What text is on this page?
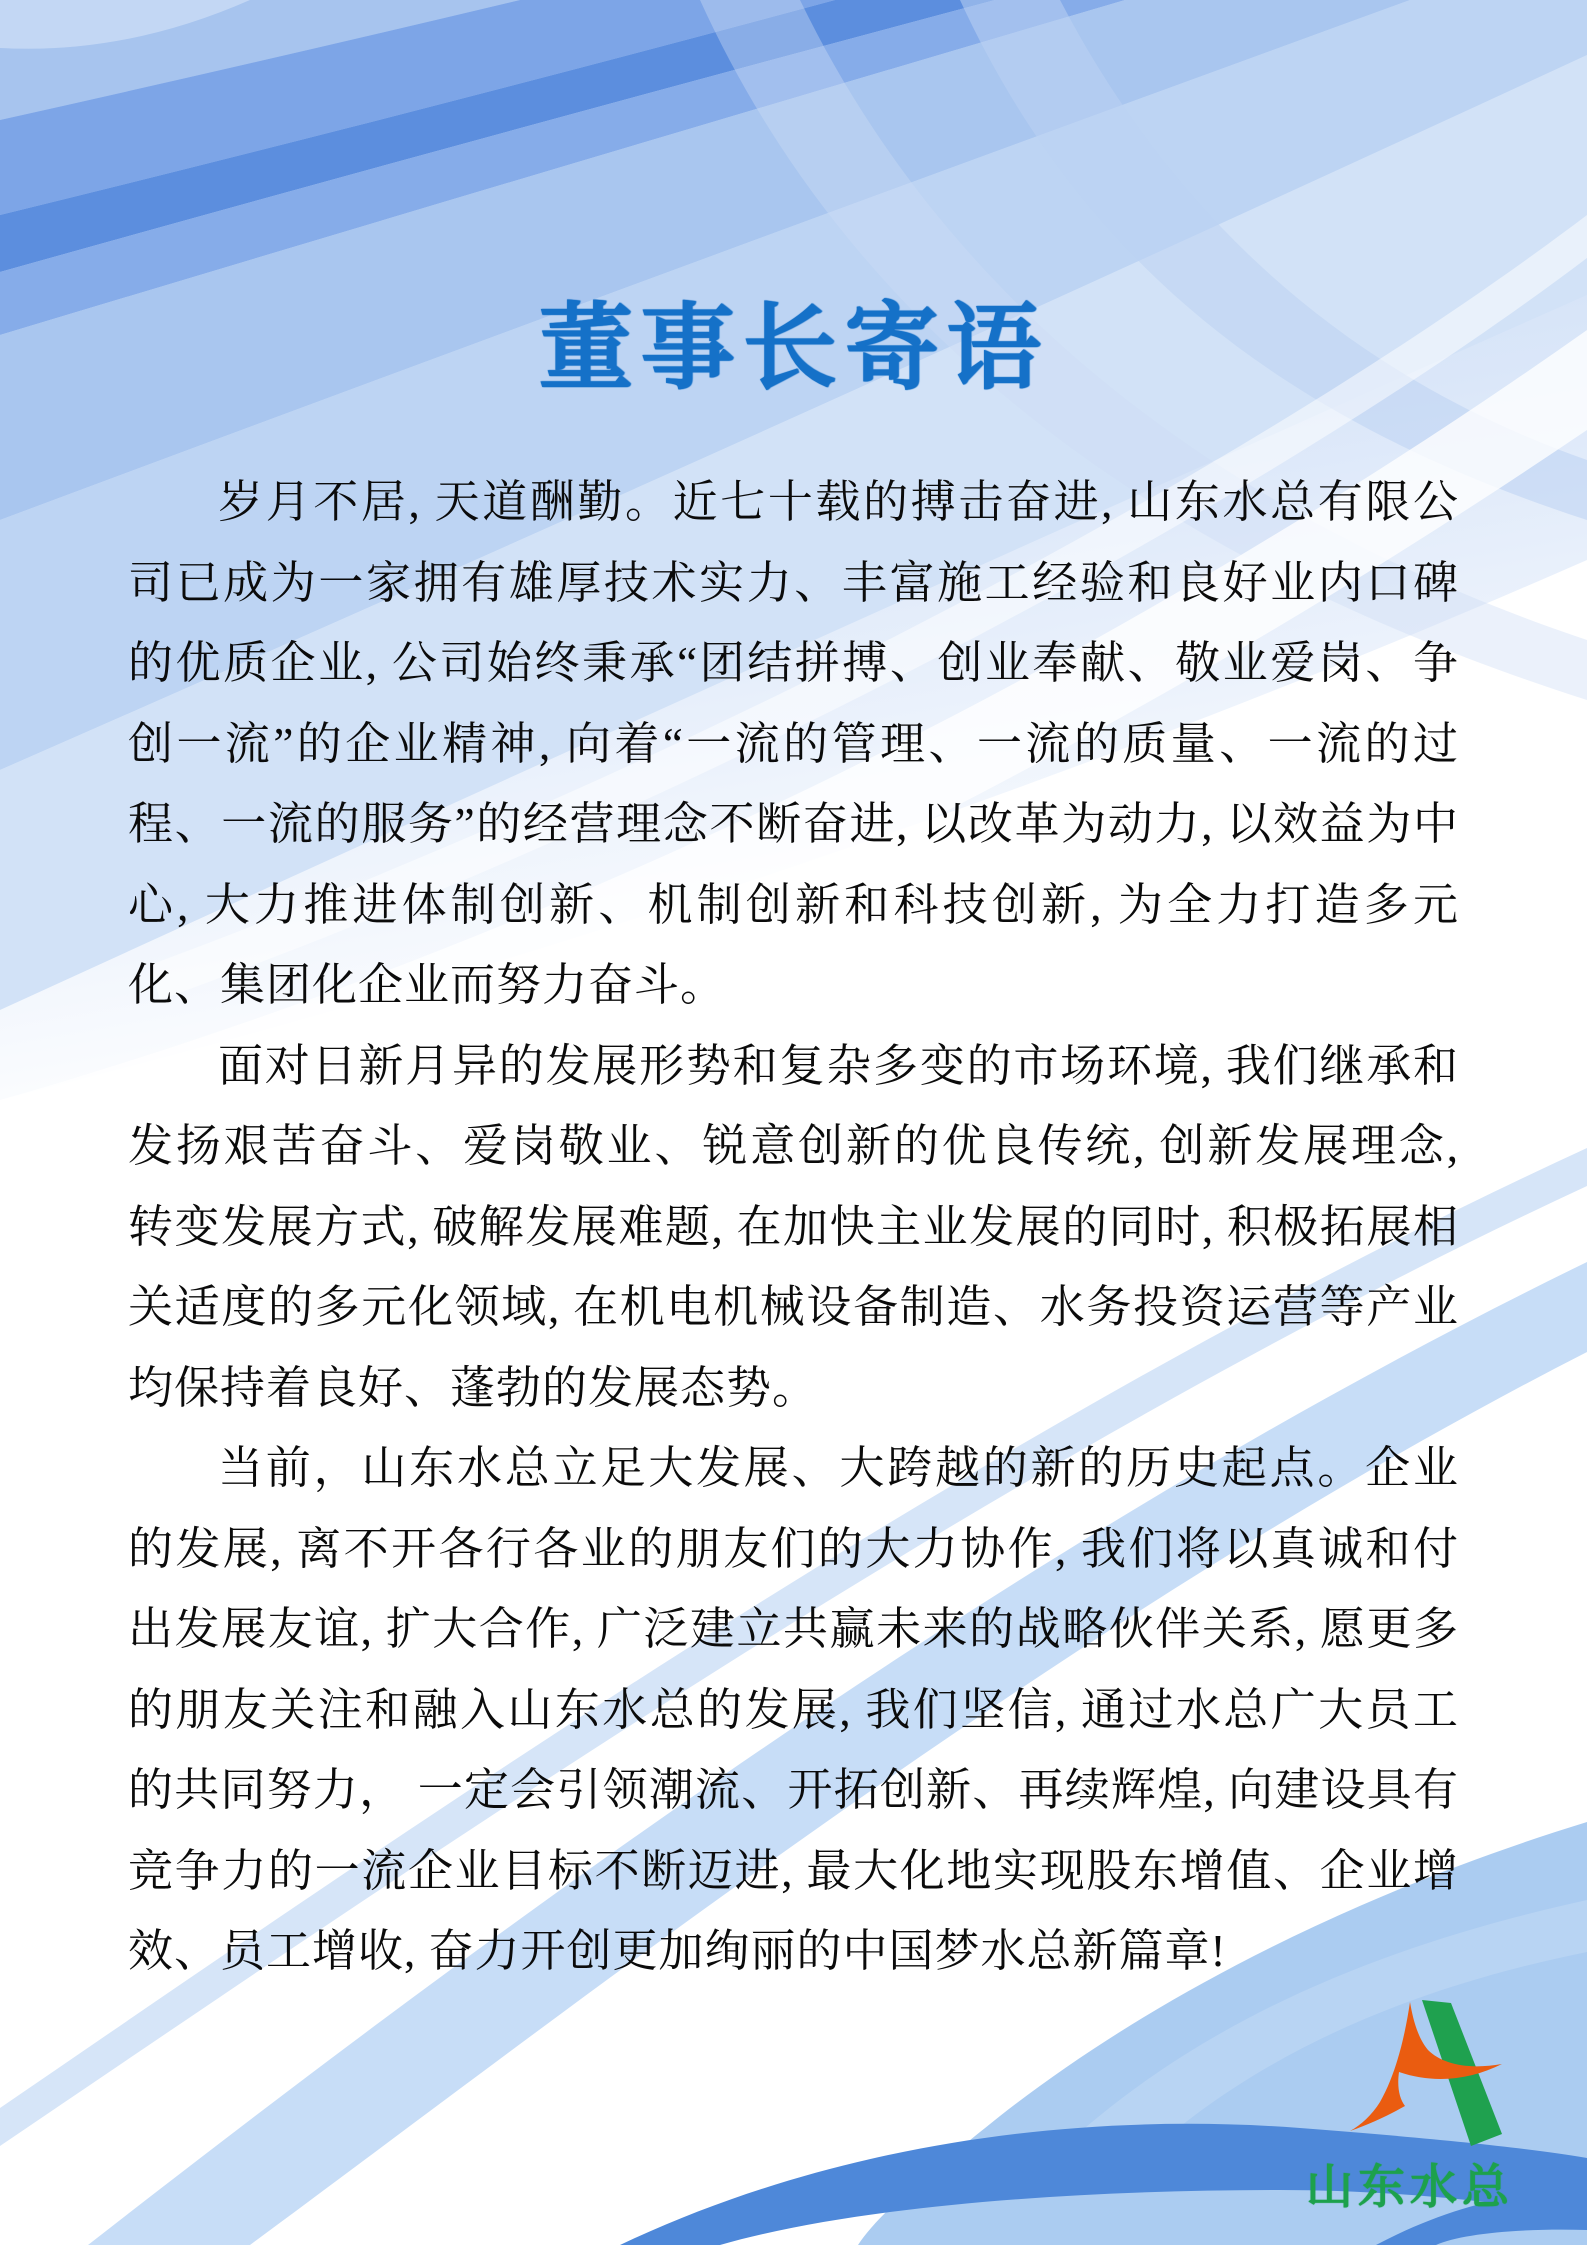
董事长寄语

岁月不居, 天道酬勤。近七十载的搏击奋进, 山东水总有限公司已成为一家拥有雄厚技术实力、丰富施工经验和良好业内口碑的优质企业, 公司始终秉承“团结拼搏、创业奉献、敬业爱岗、争创一流”的企业精神, 向着“一流的管理、一流的质量、一流的过程、一流的服务”的经营理念不断奋进, 以改革为动力, 以效益为中心, 大力推进体制创新、机制创新和科技创新, 为全力打造多元化、集团化企业而努力奋斗。

面对日新月异的发展形势和复杂多变的市场环境, 我们继承和发扬艰苦奋斗、爱岗敬业、锐意创新的优良传统, 创新发展理念, 转变发展方式, 破解发展难题, 在加快主业发展的同时, 积极拓展相关适度的多元化领域, 在机电机械设备制造、水务投资运营等产业均保持着良好、蓬勃的发展态势。

当前，山东水总立足大发展、大跨越的新的历史起点。企业的发展, 离不开各行各业的朋友们的大力协作, 我们将以真诚和付出发展友谊, 扩大合作, 广泛建立共赢未来的战略伙伴关系, 愿更多的朋友关注和融入山东水总的发展, 我们坚信, 通过水总广大员工的共同努力， 一定会引领潮流、开拓创新、再续辉煌, 向建设具有竞争力的一流企业目标不断迈进, 最大化地实现股东增值、企业增效、员工增收, 奋力开创更加绚丽的中国梦水总新篇章!

山东水总
